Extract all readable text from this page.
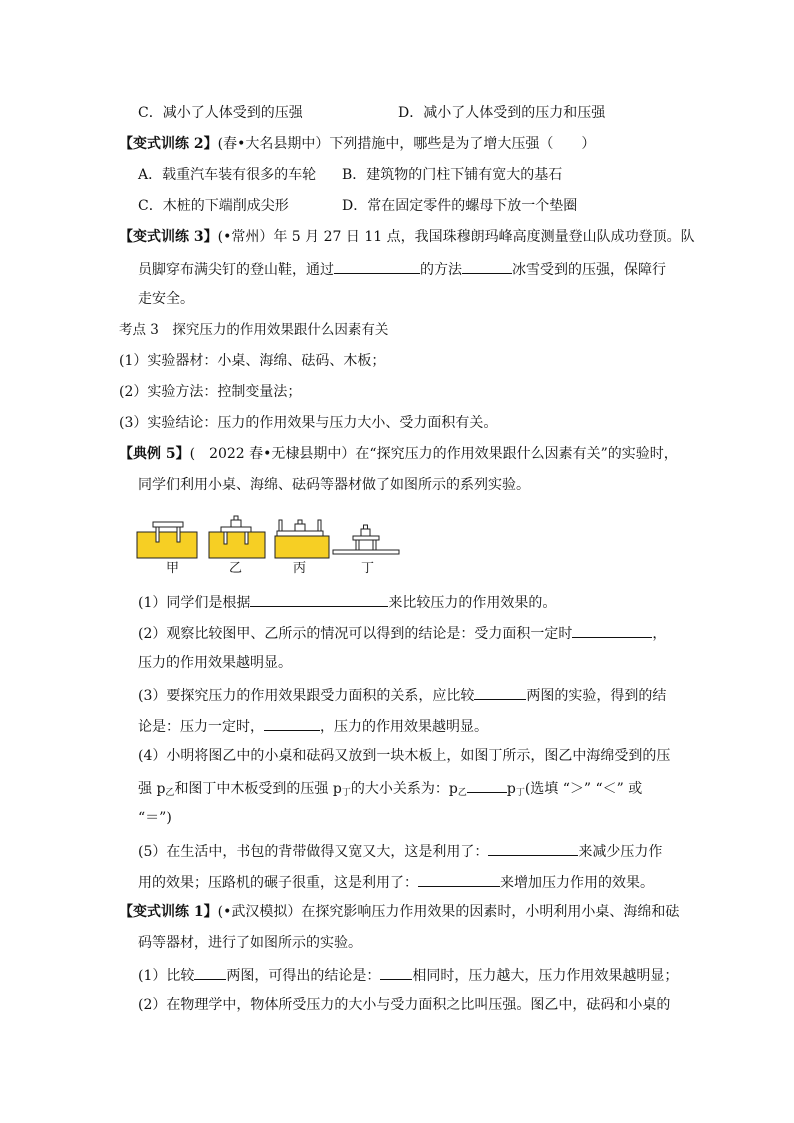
C．减小了人体受到的压强	D．减小了人体受到的压力和压强
【变式训练 2】(春•大名县期中）下列措施中，哪些是为了增大压强（　　）
A．载重汽车装有很多的车轮 B．建筑物的门柱下铺有宽大的基石
C．木桩的下端削成尖形	D．常在固定零件的螺母下放一个垫圈
【变式训练 3】(•常州）年 5 月 27 日 11 点，我国珠穆朗玛峰高度测量登山队成功登顶。队
员脚穿布满尖钉的登山鞋，通过	的方法	冰雪受到的压强，保障行
走安全。
考点 3　探究压力的作用效果跟什么因素有关
(1）实验器材：小桌、海绵、砝码、木板；
(2）实验方法：控制变量法；
(3）实验结论：压力的作用效果与压力大小、受力面积有关。
【典例 5】(　2022 春•无棣县期中）在“探究压力的作用效果跟什么因素有关”的实验时，
同学们利用小桌、海绵、砝码等器材做了如图所示的系列实验。
甲	乙	丙	丁
(1）同学们是根据	来比较压力的作用效果的。
(2）观察比较图甲、乙所示的情况可以得到的结论是：受力面积一定时	，
压力的作用效果越明显。
(3）要探究压力的作用效果跟受力面积的关系，应比较	两图的实验，得到的结
论是：压力一定时，	，压力的作用效果越明显。
(4）小明将图乙中的小桌和砝码又放到一块木板上，如图丁所示，图乙中海绵受到的压
强 $p_乙$和图丁中木板受到的压强 $p_丁$的大小关系为：$p_乙$	$p_丁$(选填 “＞” “＜” 或
“＝”)
(5）在生活中，书包的背带做得又宽又大，这是利用了：	来减少压力作
用的效果；压路机的碾子很重，这是利用了：	来增加压力作用的效果。
【变式训练 1】(•武汉模拟）在探究影响压力作用效果的因素时，小明利用小桌、海绵和砝
码等器材，进行了如图所示的实验。
(1）比较 两图，可得出的结论是： 相同时，压力越大，压力作用效果越明显；
(2）在物理学中，物体所受压力的大小与受力面积之比叫压强。图乙中，砝码和小桌的
